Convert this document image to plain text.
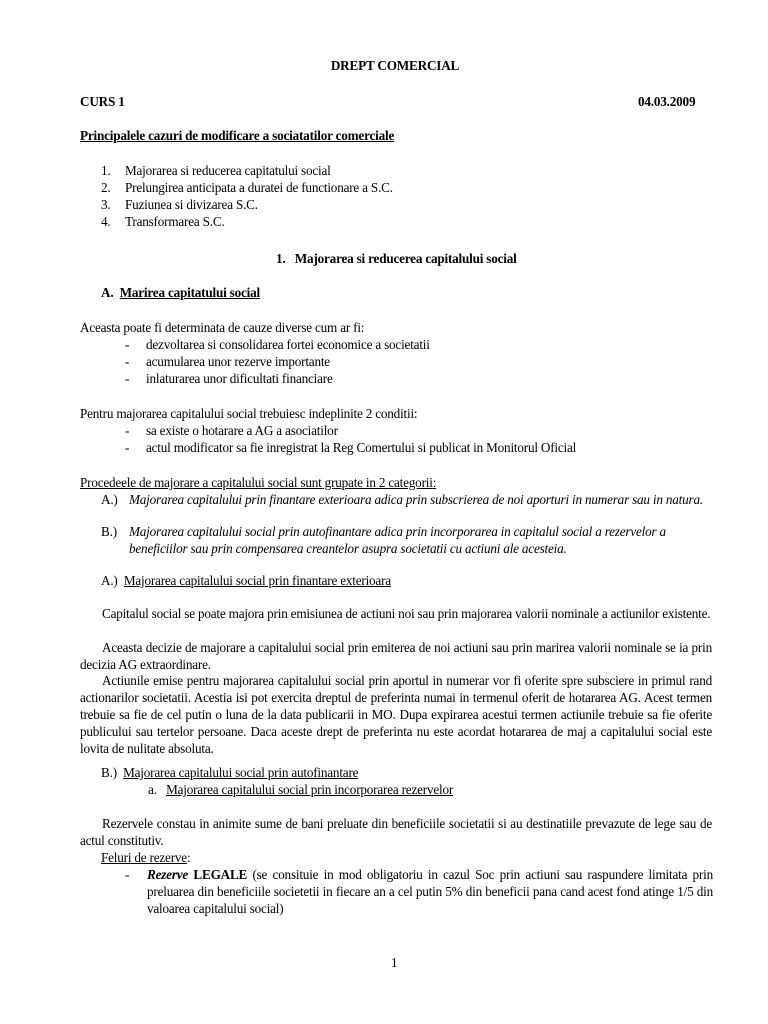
DREPT COMERCIAL
CURS 1	04.03.2009
Principalele cazuri de modificare a sociatatilor comerciale
1. Majorarea si reducerea capitatului social
2. Prelungirea anticipata a duratei de functionare a S.C.
3. Fuziunea si divizarea S.C.
4. Transformarea S.C.
1. Majorarea si reducerea capitalului social
A. Marirea capitatului social
Aceasta poate fi determinata de cauze diverse cum ar fi:
- dezvoltarea si consolidarea fortei economice a societatii
- acumularea unor rezerve importante
- inlaturarea unor dificultati financiare
Pentru majorarea capitalului social trebuiesc indeplinite 2 conditii:
- sa existe o hotarare a AG a asociatilor
- actul modificator sa fie inregistrat la Reg Comertului si publicat in Monitorul Oficial
Procedeele de majorare a capitalului social sunt grupate in 2 categorii:
A.) Majorarea capitalului prin finantare exterioara adica prin subscrierea de noi aporturi in numerar sau in natura.
B.) Majorarea capitalului social prin autofinantare adica prin incorporarea in capitalul social a rezervelor a beneficiilor sau prin compensarea creantelor asupra societatii cu actiuni ale acesteia.
A.) Majorarea capitalului social prin finantare exterioara
Capitalul social se poate majora prin emisiunea de actiuni noi sau prin majorarea valorii nominale a actiunilor existente.
Aceasta decizie de majorare a capitalului social prin emiterea de noi actiuni sau prin marirea valorii nominale se ia prin decizia AG extraordinare.
Actiunile emise pentru majorarea capitalului social prin aportul in numerar vor fi oferite spre subsciere in primul rand actionarilor societatii. Acestia isi pot exercita dreptul de preferinta numai in termenul oferit de hotararea AG. Acest termen trebuie sa fie de cel putin o luna de la data publicarii in MO. Dupa expirarea acestui termen actiunile trebuie sa fie oferite publicului sau tertelor persoane. Daca aceste drept de preferinta nu este acordat hotararea de maj a capitalului social este lovita de nulitate absoluta.
B.) Majorarea capitalului social prin autofinantare
a. Majorarea capitalului social prin incorporarea rezervelor
Rezervele constau in animite sume de bani preluate din beneficiile societatii si au destinatiile prevazute de lege sau de actul constitutiv.
Feluri de rezerve:
- Rezerve LEGALE (se consituie in mod obligatoriu in cazul Soc prin actiuni sau raspundere limitata prin preluarea din beneficiile societetii in fiecare an a cel putin 5% din beneficii pana cand acest fond atinge 1/5 din valoarea capitalului social)
1
